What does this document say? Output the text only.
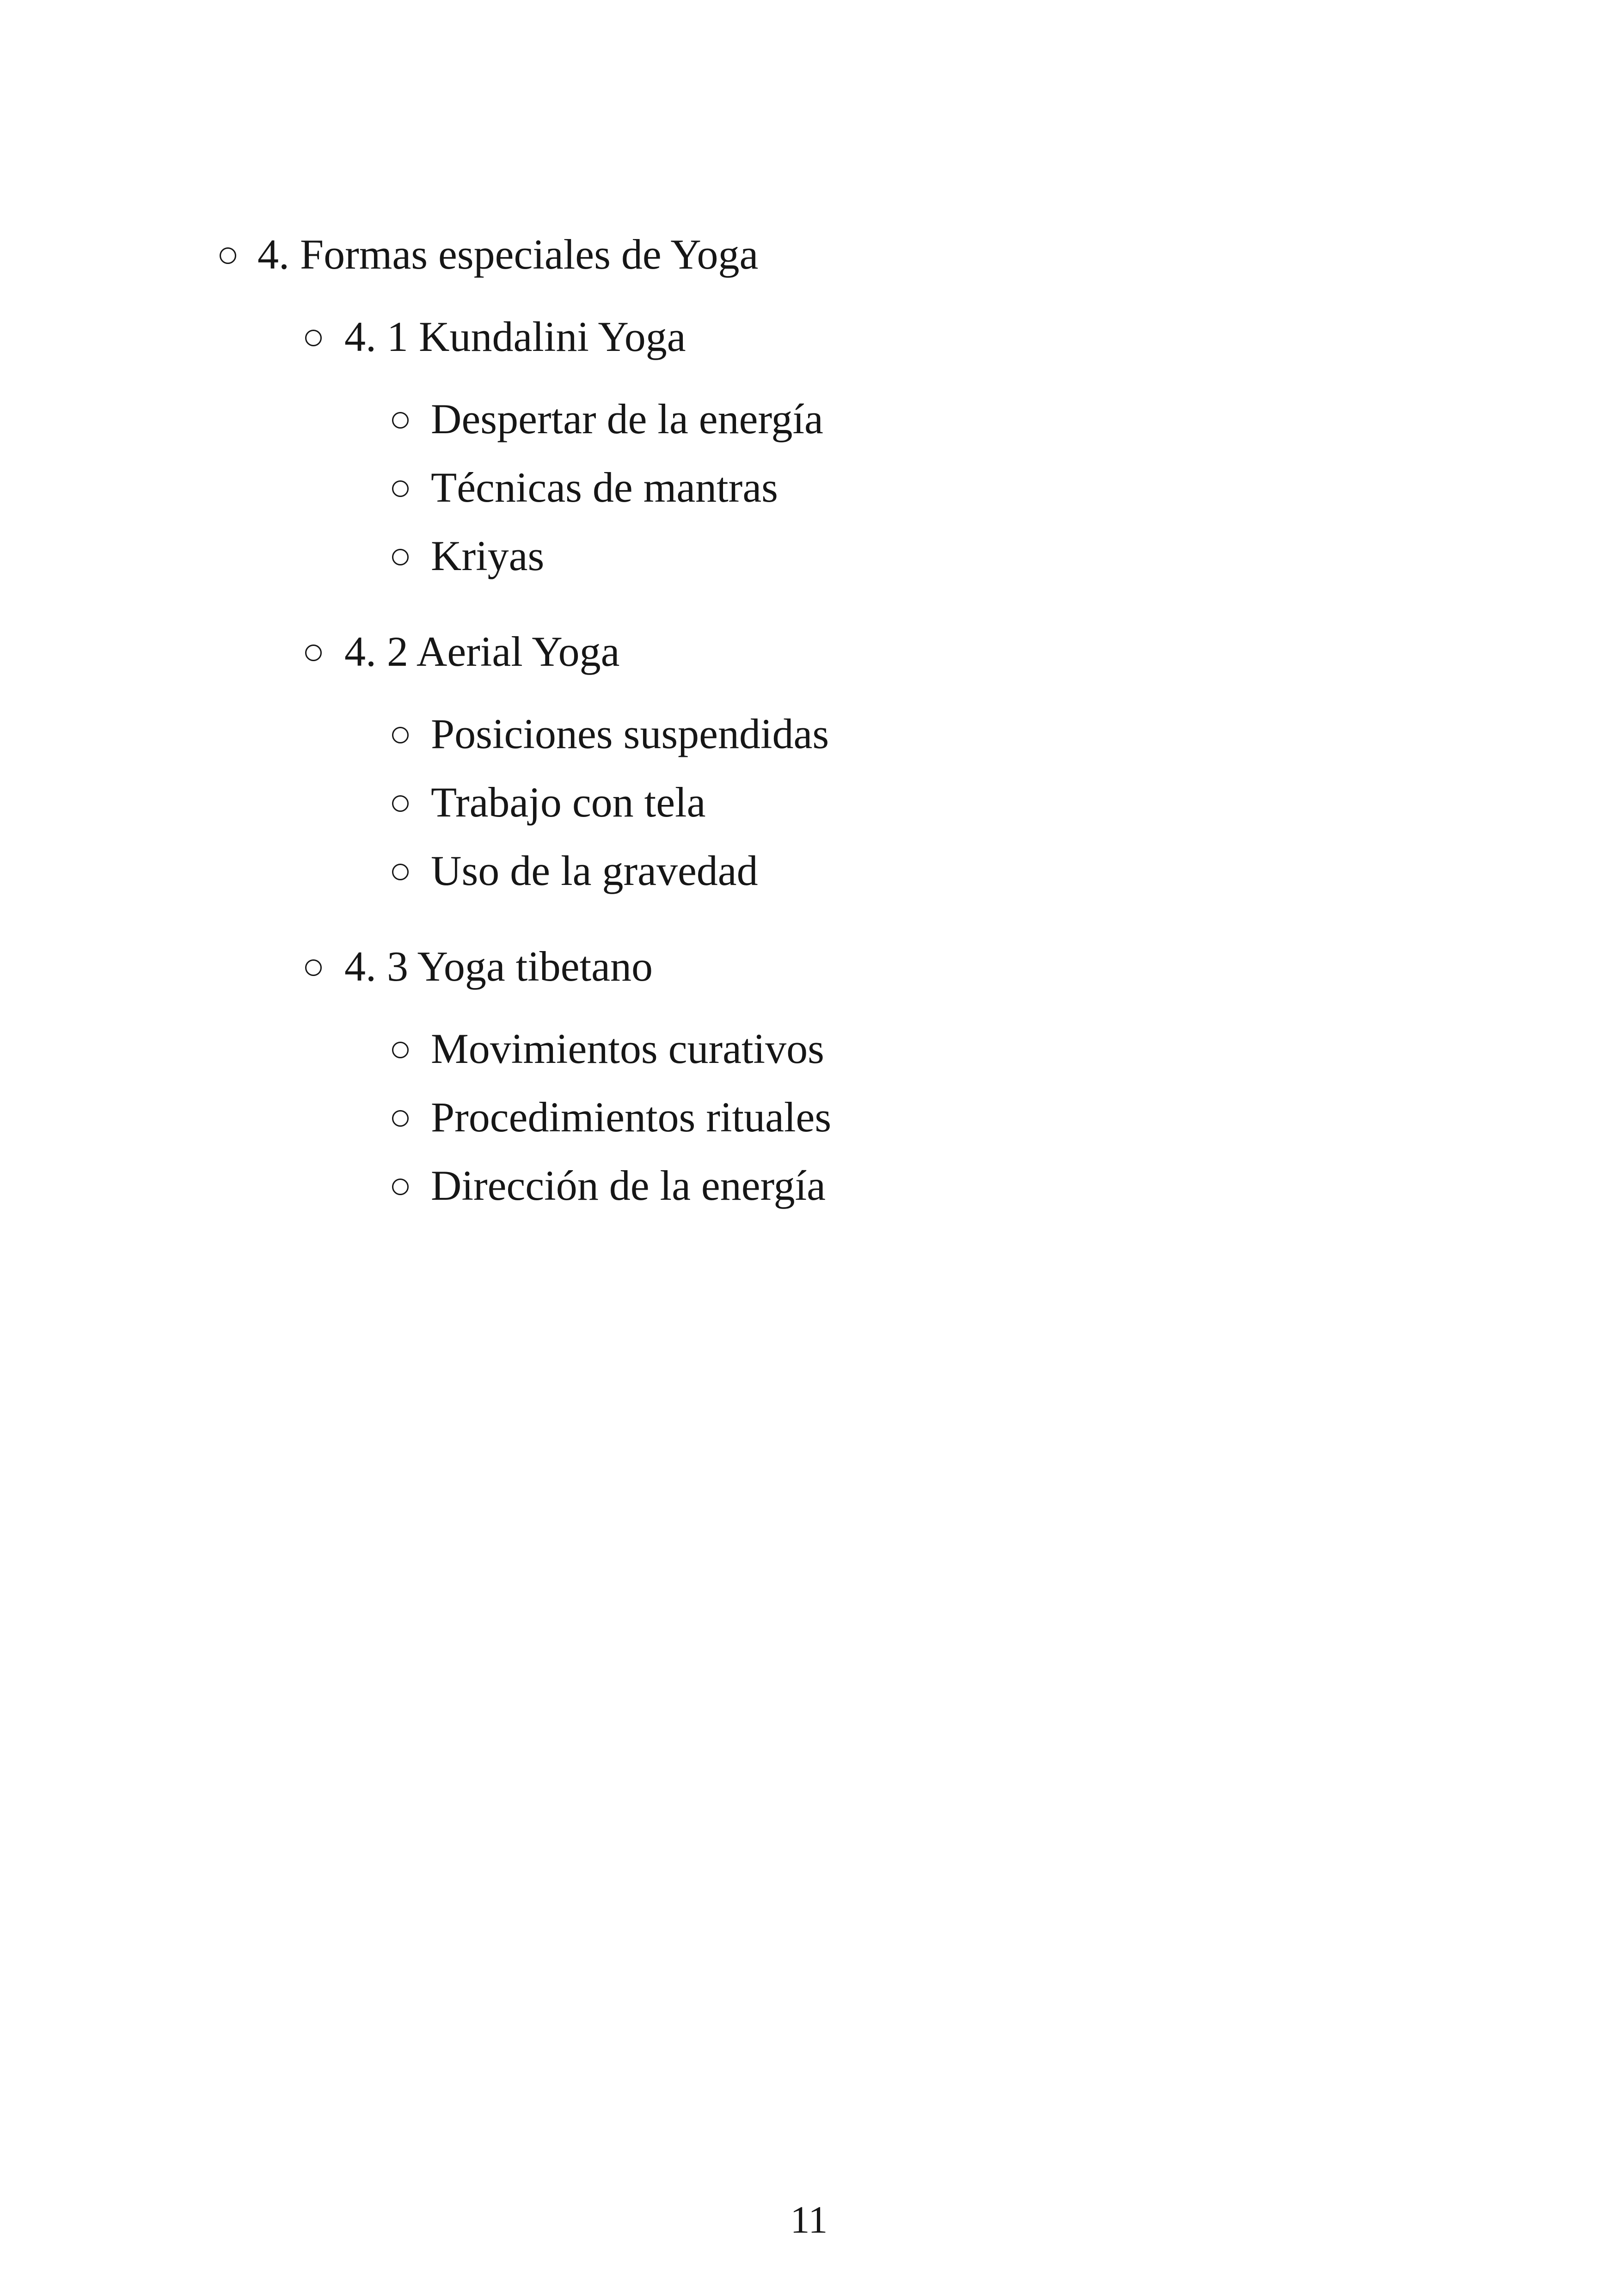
4. Formas especiales de Yoga
4. 1 Kundalini Yoga
Despertar de la energía
Técnicas de mantras
Kriyas
4. 2 Aerial Yoga
Posiciones suspendidas
Trabajo con tela
Uso de la gravedad
4. 3 Yoga tibetano
Movimientos curativos
Procedimientos rituales
Dirección de la energía
11
